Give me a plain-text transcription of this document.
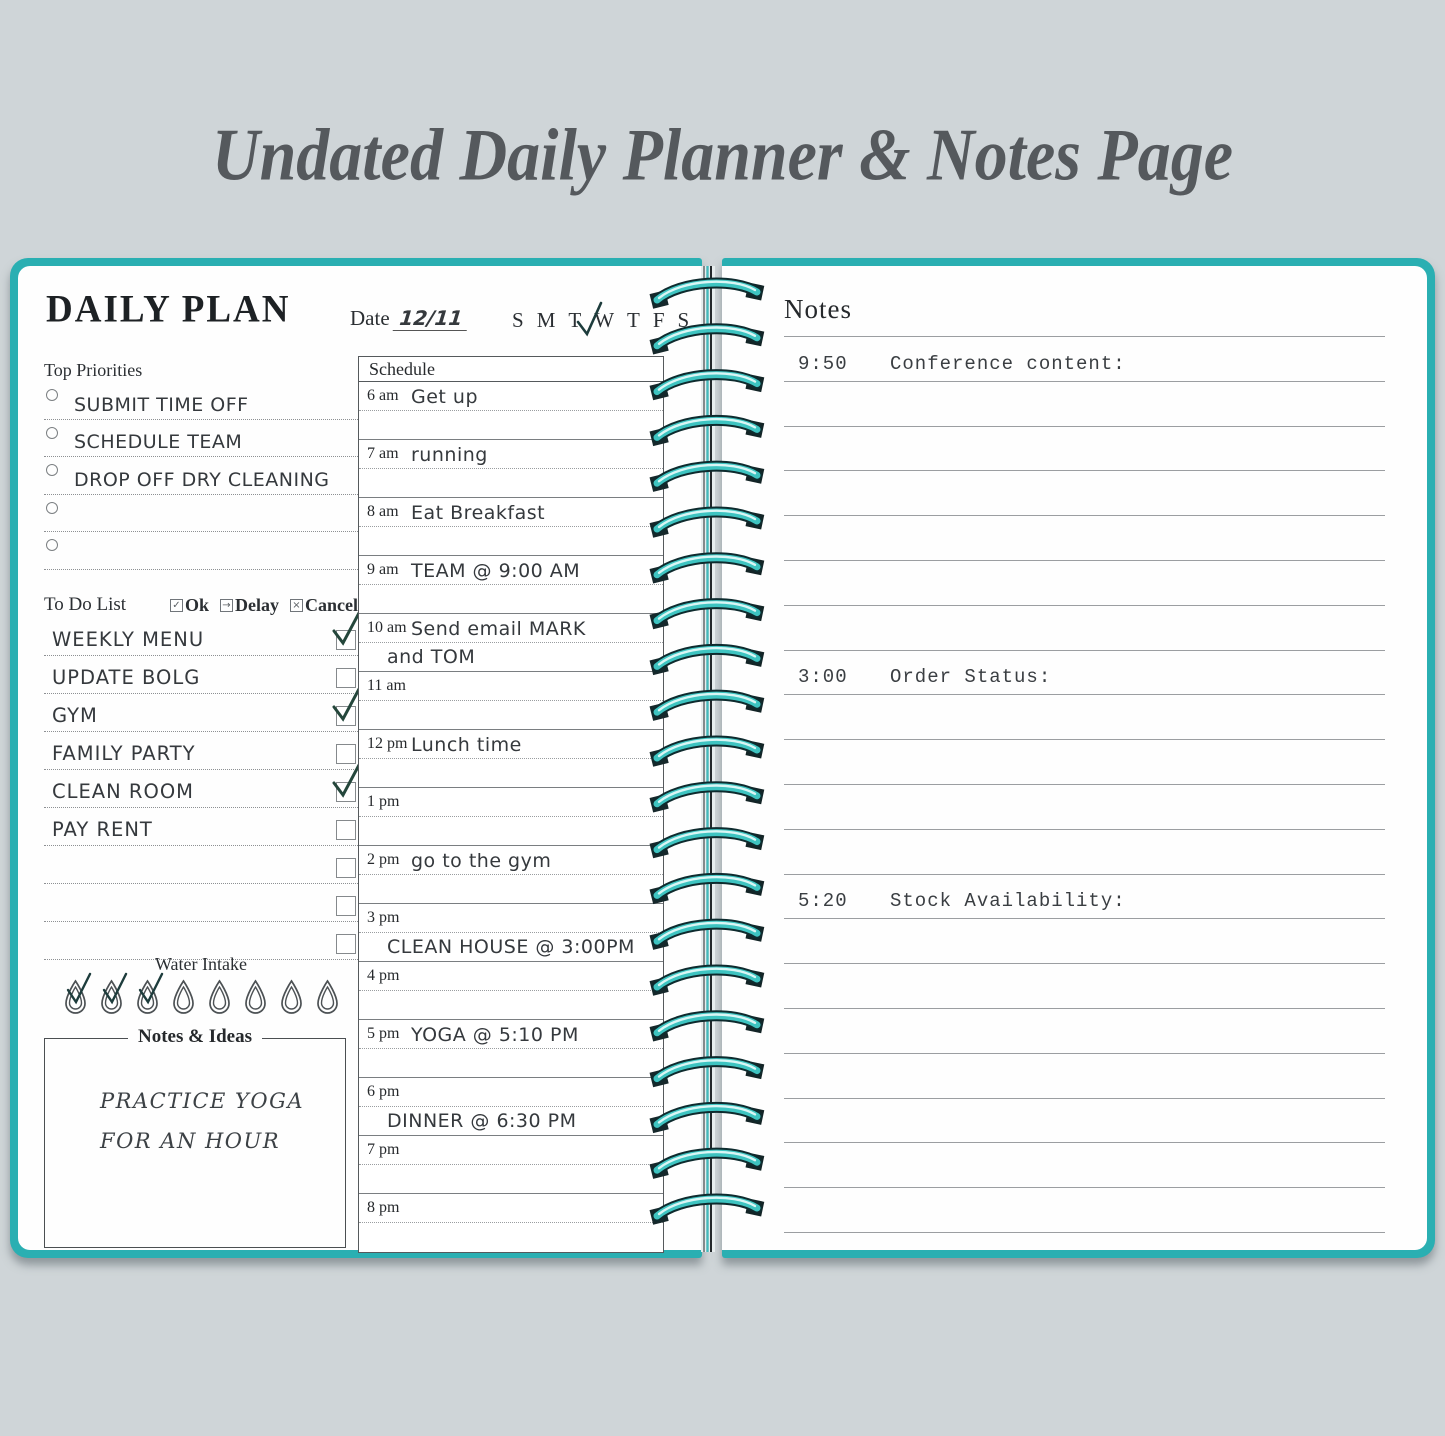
Undated Daily Planner & Notes Page
DAILY PLAN	Date 12/11 S M T W T F S
Top Priorities
SUBMIT TIME OFF
SCHEDULE TEAM
DROP OFF DRY CLEANING
To Do List	✓ Ok → Delay × Cancel
WEEKLY MENU
UPDATE BOLG
GYM
FAMILY PARTY
CLEAN ROOM
PAY RENT
Water Intake
Notes & Ideas
PRACTICE YOGA
FOR AN HOUR
Schedule
6 am Get up
7 am running
8 am Eat Breakfast
9 am TEAM @ 9:00 AM
10 am Send email MARK
and TOM
11 am
12 pm Lunch time
1 pm
2 pm go to the gym
3 pm
CLEAN HOUSE @ 3:00PM
4 pm
5 pm YOGA @ 5:10 PM
6 pm
DINNER @ 6:30 PM
7 pm
8 pm
Notes
9:50	Conference content:
3:00	Order Status:
5:20	Stock Availability:
